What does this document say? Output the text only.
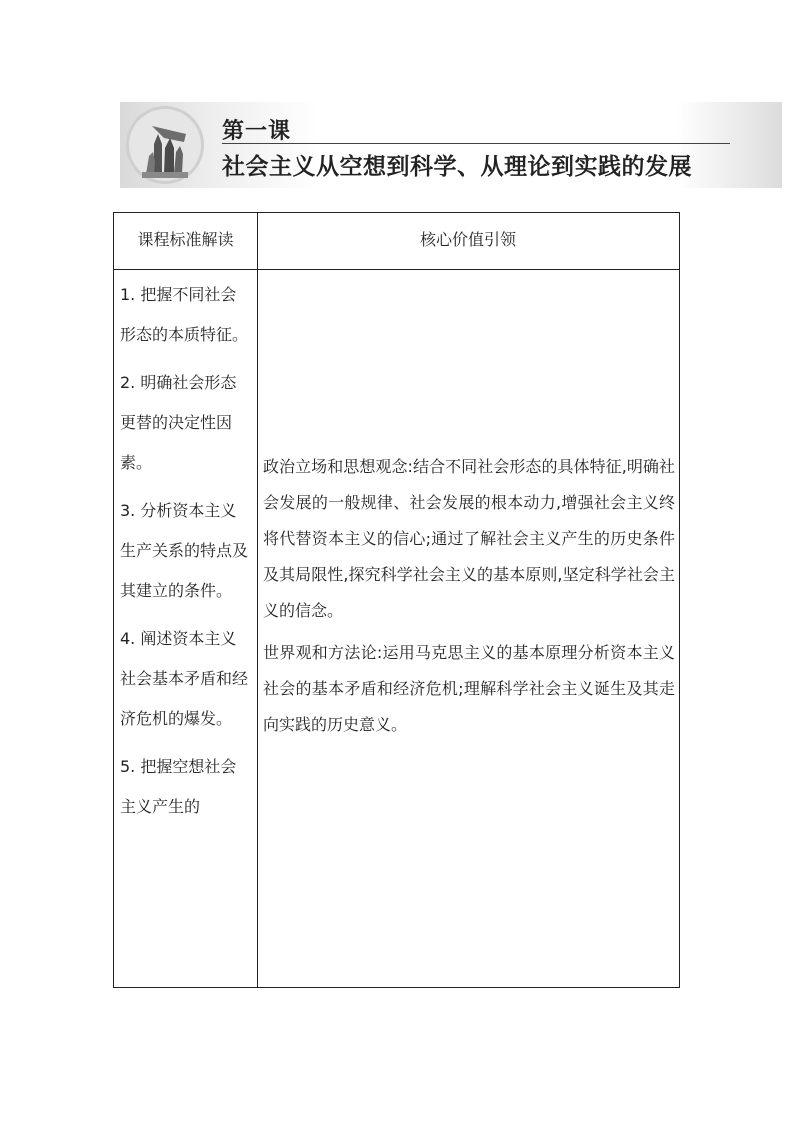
第一课
社会主义从空想到科学、从理论到实践的发展
课程标准解读	核心价值引领
1. 把握不同社会形态的本质特征。
2. 明确社会形态更替的决定性因素。
3. 分析资本主义生产关系的特点及其建立的条件。
4. 阐述资本主义社会基本矛盾和经济危机的爆发。
5. 把握空想社会主义产生的

政治立场和思想观念:结合不同社会形态的具体特征,明确社会发展的一般规律、社会发展的根本动力,增强社会主义终将代替资本主义的信心;通过了解社会主义产生的历史条件及其局限性,探究科学社会主义的基本原则,坚定科学社会主义的信念。

世界观和方法论:运用马克思主义的基本原理分析资本主义社会的基本矛盾和经济危机;理解科学社会主义诞生及其走向实践的历史意义。
